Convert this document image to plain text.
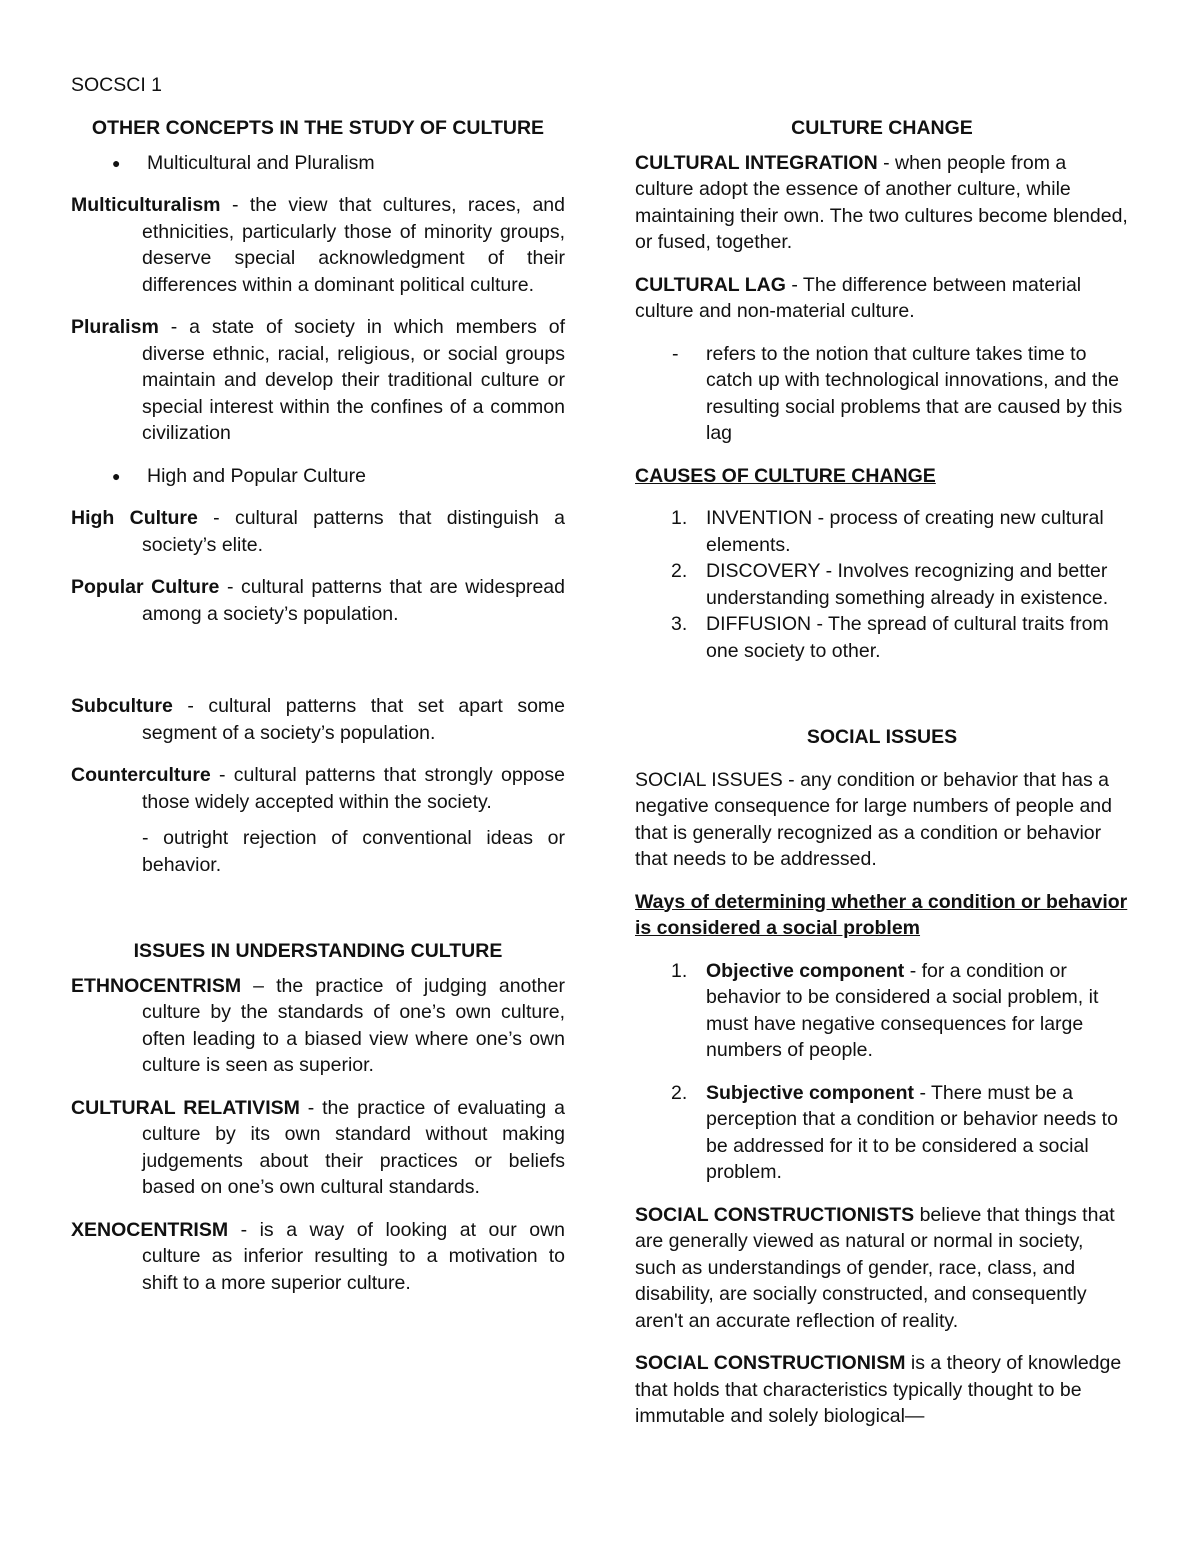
SOCSCI 1
OTHER CONCEPTS IN THE STUDY OF CULTURE
● Multicultural and Pluralism
Multiculturalism - the view that cultures, races, and ethnicities, particularly those of minority groups, deserve special acknowledgment of their differences within a dominant political culture.
Pluralism - a state of society in which members of diverse ethnic, racial, religious, or social groups maintain and develop their traditional culture or special interest within the confines of a common civilization
● High and Popular Culture
High Culture - cultural patterns that distinguish a society’s elite.
Popular Culture - cultural patterns that are widespread among a society’s population.
Subculture - cultural patterns that set apart some segment of a society’s population.
Counterculture - cultural patterns that strongly oppose those widely accepted within the society.
- outright rejection of conventional ideas or behavior.
ISSUES IN UNDERSTANDING CULTURE
ETHNOCENTRISM – the practice of judging another culture by the standards of one’s own culture, often leading to a biased view where one’s own culture is seen as superior.
CULTURAL RELATIVISM - the practice of evaluating a culture by its own standard without making judgements about their practices or beliefs based on one’s own cultural standards.
XENOCENTRISM - is a way of looking at our own culture as inferior resulting to a motivation to shift to a more superior culture.
CULTURE CHANGE
CULTURAL INTEGRATION - when people from a culture adopt the essence of another culture, while maintaining their own. The two cultures become blended, or fused, together.
CULTURAL LAG - The difference between material culture and non-material culture.
- refers to the notion that culture takes time to catch up with technological innovations, and the resulting social problems that are caused by this lag
CAUSES OF CULTURE CHANGE
1. INVENTION - process of creating new cultural elements.
2. DISCOVERY - Involves recognizing and better understanding something already in existence.
3. DIFFUSION - The spread of cultural traits from one society to other.
SOCIAL ISSUES
SOCIAL ISSUES - any condition or behavior that has a negative consequence for large numbers of people and that is generally recognized as a condition or behavior that needs to be addressed.
Ways of determining whether a condition or behavior is considered a social problem
1. Objective component - for a condition or behavior to be considered a social problem, it must have negative consequences for large numbers of people.
2. Subjective component - There must be a perception that a condition or behavior needs to be addressed for it to be considered a social problem.
SOCIAL CONSTRUCTIONISTS believe that things that are generally viewed as natural or normal in society, such as understandings of gender, race, class, and disability, are socially constructed, and consequently aren't an accurate reflection of reality.
SOCIAL CONSTRUCTIONISM is a theory of knowledge that holds that characteristics typically thought to be immutable and solely biological—
